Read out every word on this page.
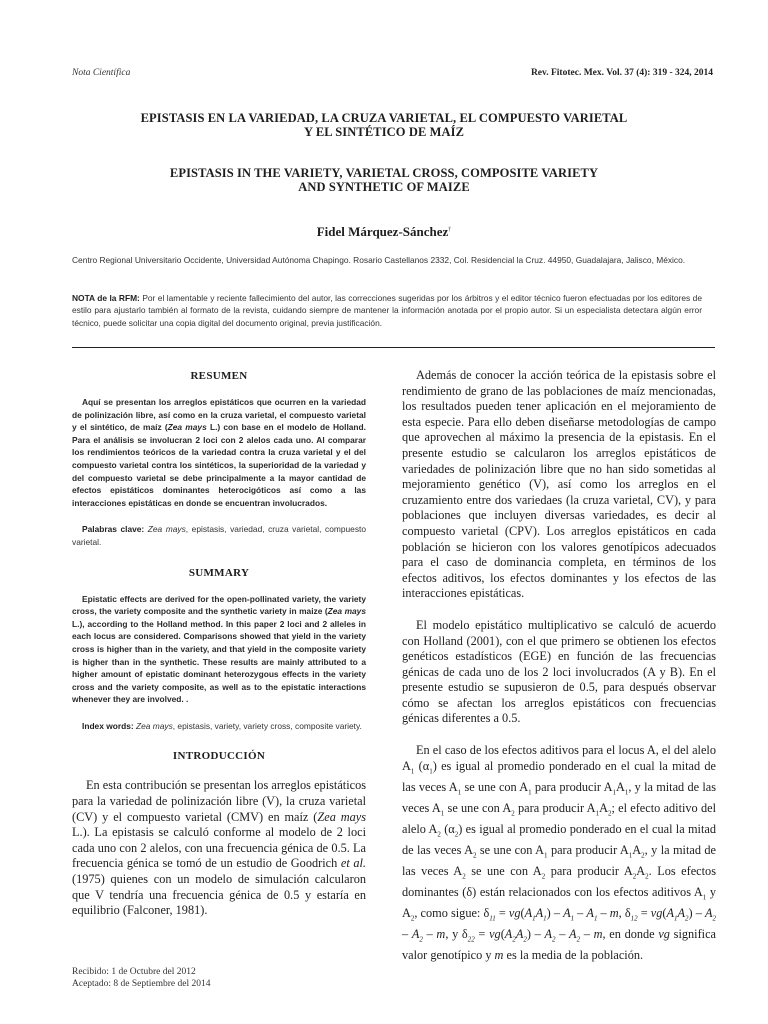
Nota Científica	Rev. Fitotec. Mex. Vol. 37 (4): 319 - 324, 2014
EPISTASIS EN LA VARIEDAD, LA CRUZA VARIETAL, EL COMPUESTO VARIETAL
Y EL SINTÉTICO DE MAÍZ
EPISTASIS IN THE VARIETY, VARIETAL CROSS, COMPOSITE VARIETY
AND SYNTHETIC OF MAIZE
Fidel Márquez-Sánchez†
Centro Regional Universitario Occidente, Universidad Autónoma Chapingo. Rosario Castellanos 2332, Col. Residencial la Cruz. 44950, Guadalajara, Jalisco, México.
NOTA de la RFM: Por el lamentable y reciente fallecimiento del autor, las correcciones sugeridas por los árbitros y el editor técnico fueron efectuadas por los editores de estilo para ajustarlo también al formato de la revista, cuidando siempre de mantener la información anotada por el propio autor. Si un especialista detectara algún error técnico, puede solicitar una copia digital del documento original, previa justificación.
RESUMEN

Aquí se presentan los arreglos epistáticos que ocurren en la variedad de polinización libre, así como en la cruza varietal, el compuesto varietal y el sintético, de maíz (Zea mays L.) con base en el modelo de Holland. Para el análisis se involucran 2 loci con 2 alelos cada uno. Al comparar los rendimientos teóricos de la variedad contra la cruza varietal y el del compuesto varietal contra los sintéticos, la superioridad de la variedad y del compuesto varietal se debe principalmente a la mayor cantidad de efectos epistáticos dominantes heterocigóticos así como a las interacciones epistáticas en donde se encuentran involucrados.

Palabras clave: Zea mays, epistasis, variedad, cruza varietal, compuesto varietal.

SUMMARY

Epistatic effects are derived for the open-pollinated variety, the variety cross, the variety composite and the synthetic variety in maize (Zea mays L.), according to the Holland method. In this paper 2 loci and 2 alleles in each locus are considered. Comparisons showed that yield in the variety cross is higher than in the variety, and that yield in the composite variety is higher than in the synthetic. These results are mainly attributed to a higher amount of epistatic dominant heterozygous effects in the variety cross and the variety composite, as well as to the epistatic interactions whenever they are involved. .

Index words: Zea mays, epistasis, variety, variety cross, composite variety.

INTRODUCCIÓN

En esta contribución se presentan los arreglos epistáticos para la variedad de polinización libre (V), la cruza varietal (CV) y el compuesto varietal (CMV) en maíz (Zea mays L.). La epistasis se calculó conforme al modelo de 2 loci cada uno con 2 alelos, con una frecuencia génica de 0.5. La frecuencia génica se tomó de un estudio de Goodrich et al. (1975) quienes con un modelo de simulación calcularon que V tendría una frecuencia génica de 0.5 y estaría en equilibrio (Falconer, 1981).

Además de conocer la acción teórica de la epistasis sobre el rendimiento de grano de las poblaciones de maíz mencionadas, los resultados pueden tener aplicación en el mejoramiento de esta especie. Para ello deben diseñarse metodologías de campo que aprovechen al máximo la presencia de la epistasis. En el presente estudio se calcularon los arreglos epistáticos de variedades de polinización libre que no han sido sometidas al mejoramiento genético (V), así como los arreglos en el cruzamiento entre dos variedaes (la cruza varietal, CV), y para poblaciones que incluyen diversas variedades, es decir al compuesto varietal (CPV). Los arreglos epistáticos en cada población se hicieron con los valores genotípicos adecuados para el caso de dominancia completa, en términos de los efectos aditivos, los efectos dominantes y los efectos de las interacciones epistáticas.

El modelo epistático multiplicativo se calculó de acuerdo con Holland (2001), con el que primero se obtienen los efectos genéticos estadísticos (EGE) en función de las frecuencias génicas de cada uno de los 2 loci involucrados (A y B). En el presente estudio se supusieron de 0.5, para después observar cómo se afectan los arreglos epistáticos con frecuencias génicas diferentes a 0.5.

En el caso de los efectos aditivos para el locus A, el del alelo $A_1$ $(\alpha_1)$ es igual al promedio ponderado en el cual la mitad de las veces $A_1$ se une con $A_1$ para producir $A_1A_1$, y la mitad de las veces $A_1$ se une con $A_2$ para producir $A_1A_2$; el efecto aditivo del alelo $A_2$ $(\alpha_2)$ es igual al promedio ponderado en el cual la mitad de las veces $A_2$ se une con $A_1$ para producir $A_1A_2$, y la mitad de las veces $A_2$ se une con $A_2$ para producir $A_2A_2$. Los efectos dominantes (δ) están relacionados con los efectos aditivos $A_1$ y $A_2$, como sigue: $\delta_{11} = vg(A_1A_1) - A_1 - A_1 - m$, $\delta_{12} = vg(A_1A_2) - A_2 - A_2 - m$, y $\delta_{22} = vg(A_2A_2) - A_2 - A_2 - m$, en donde vg significa valor genotípico y m es la media de la población.

Recibido: 1 de Octubre del 2012
Aceptado: 8 de Septiembre del 2014
